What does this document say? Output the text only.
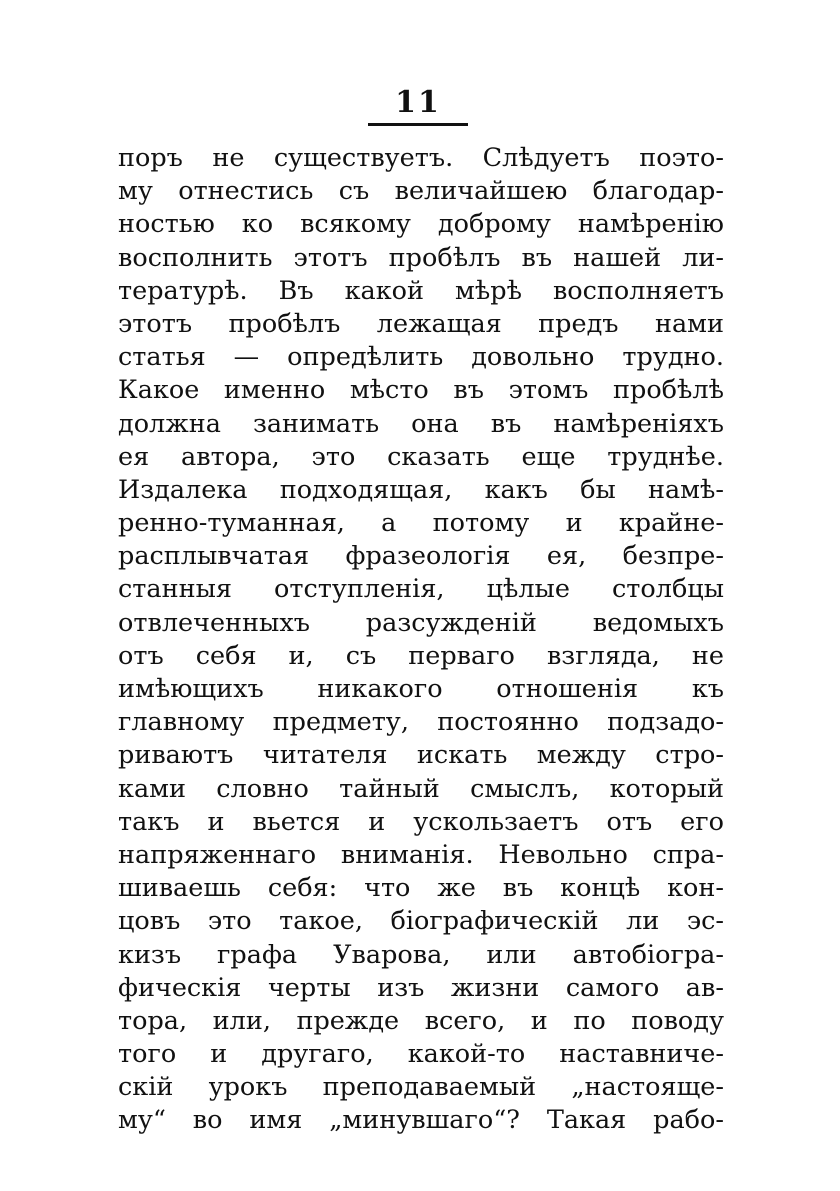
11
поръ не существуетъ. Слѣдуетъ поэто-
му отнестись съ величайшею благодар-
ностью ко всякому доброму намѣренію
восполнить этотъ пробѣлъ въ нашей ли-
тературѣ. Въ какой мѣрѣ восполняетъ
этотъ пробѣлъ лежащая предъ нами
статья — опредѣлить довольно трудно.
Какое именно мѣсто въ этомъ пробѣлѣ
должна занимать она въ намѣреніяхъ
ея автора, это сказать еще труднѣе.
Издалека подходящая, какъ бы намѣ-
ренно-туманная, а потому и крайне-
расплывчатая фразеологія ея, безпре-
станныя отступленія, цѣлые столбцы
отвлеченныхъ разсужденій ведомыхъ
отъ себя и, съ перваго взгляда, не
имѣющихъ никакого отношенія къ
главному предмету, постоянно подзадо-
риваютъ читателя искать между стро-
ками словно тайный смыслъ, который
такъ и вьется и ускользаетъ отъ его
напряженнаго вниманія. Невольно спра-
шиваешь себя: что же въ концѣ кон-
цовъ это такое, біографическій ли эс-
кизъ графа Уварова, или автобіогра-
фическія черты изъ жизни самого ав-
тора, или, прежде всего, и по поводу
того и другаго, какой-то наставниче-
скій урокъ преподаваемый „настояще-
му“ во имя „минувшаго“? Такая рабо-
